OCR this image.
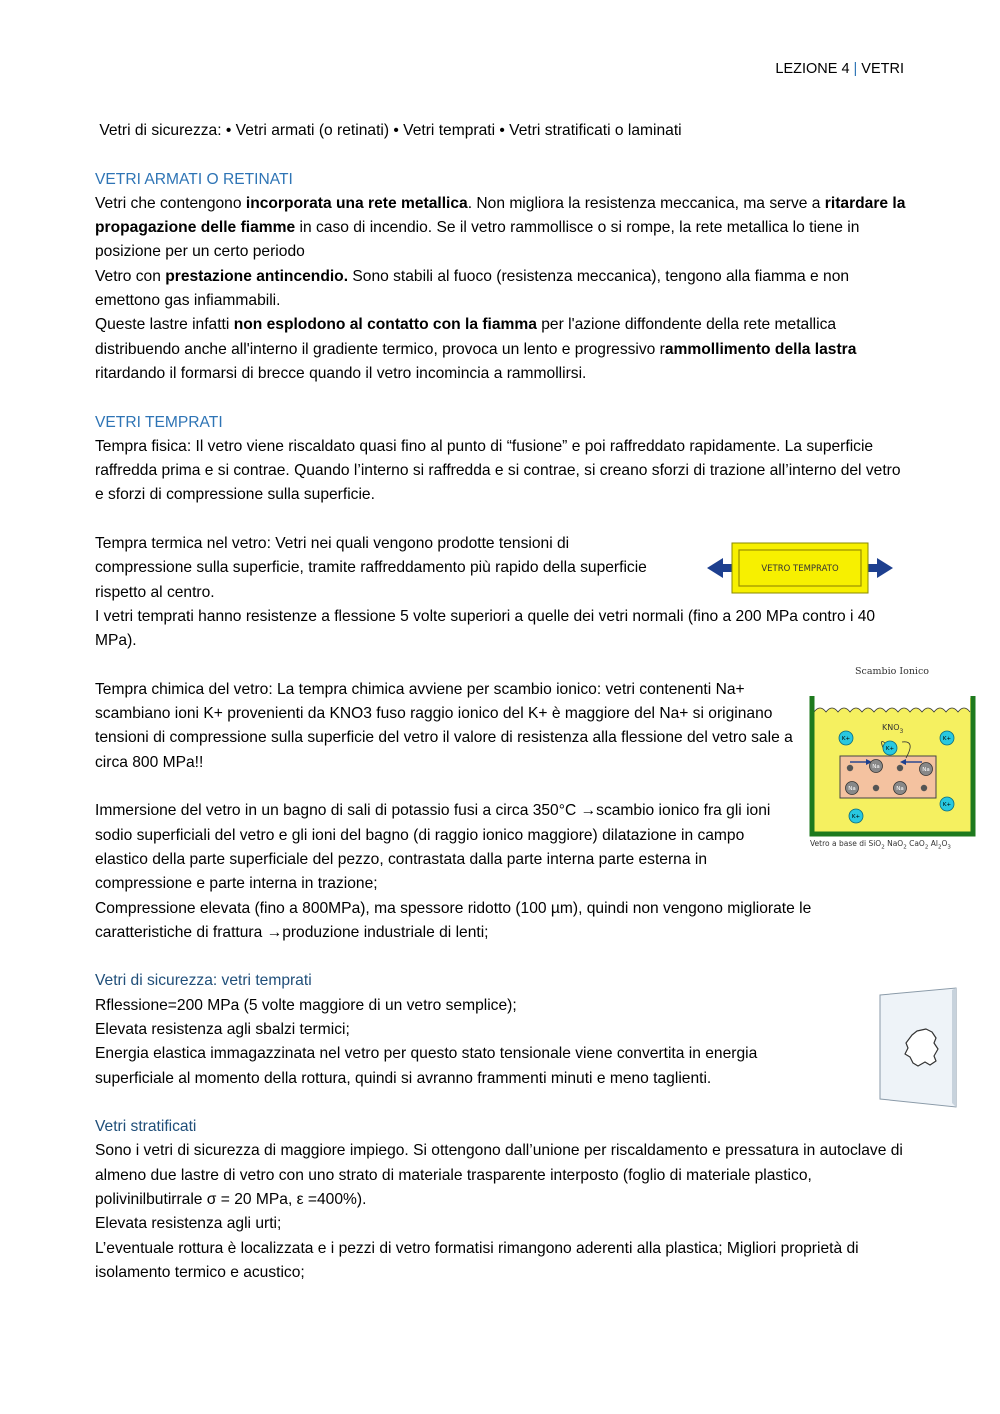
LEZIONE 4 | VETRI

Vetri di sicurezza: • Vetri armati (o retinati) • Vetri temprati • Vetri stratificati o laminati

VETRI ARMATI O RETINATI

Vetri che contengono incorporata una rete metallica. Non migliora la resistenza meccanica, ma serve a ritardare la propagazione delle fiamme in caso di incendio. Se il vetro rammollisce o si rompe, la rete metallica lo tiene in posizione per un certo periodo

Vetro con prestazione antincendio. Sono stabili al fuoco (resistenza meccanica), tengono alla fiamma e non emettono gas infiammabili.

Queste lastre infatti non esplodono al contatto con la fiamma per l'azione diffondente della rete metallica distribuendo anche all'interno il gradiente termico, provoca un lento e progressivo rammollimento della lastra ritardando il formarsi di brecce quando il vetro incomincia a rammollirsi.

VETRI TEMPRATI

Tempra fisica: Il vetro viene riscaldato quasi fino al punto di “fusione” e poi raffreddato rapidamente. La superficie raffredda prima e si contrae. Quando l’interno si raffredda e si contrae, si creano sforzi di trazione all’interno del vetro e sforzi di compressione sulla superficie.

Tempra termica nel vetro: Vetri nei quali vengono prodotte tensioni di compressione sulla superficie, tramite raffreddamento più rapido della superficie rispetto al centro.

I vetri temprati hanno resistenze a flessione 5 volte superiori a quelle dei vetri normali (fino a 200 MPa contro i 40 MPa).

Tempra chimica del vetro: La tempra chimica avviene per scambio ionico: vetri contenenti Na+ scambiano ioni K+ provenienti da KNO3 fuso raggio ionico del K+ è maggiore del Na+ si originano tensioni di compressione sulla superficie del vetro il valore di resistenza alla flessione del vetro sale a circa 800 MPa!!

Immersione del vetro in un bagno di sali di potassio fusi a circa 350°C →scambio ionico fra gli ioni sodio superficiali del vetro e gli ioni del bagno (di raggio ionico maggiore) dilatazione in campo elastico della parte superficiale del pezzo, contrastata dalla parte interna parte esterna in compressione e parte interna in trazione;

Compressione elevata (fino a 800MPa), ma spessore ridotto (100 µm), quindi non vengono migliorate le caratteristiche di frattura →produzione industriale di lenti;

Vetri di sicurezza: vetri temprati

Rflessione=200 MPa (5 volte maggiore di un vetro semplice);

Elevata resistenza agli sbalzi termici;

Energia elastica immagazzinata nel vetro per questo stato tensionale viene convertita in energia superficiale al momento della rottura, quindi si avranno frammenti minuti e meno taglienti.

Vetri stratificati

Sono i vetri di sicurezza di maggiore impiego. Si ottengono dall’unione per riscaldamento e pressatura in autoclave di almeno due lastre di vetro con uno strato di materiale trasparente interposto (foglio di materiale plastico, polivinilbutirrale σ = 20 MPa, ε =400%).

Elevata resistenza agli urti;

L’eventuale rottura è localizzata e i pezzi di vetro formatisi rimangono aderenti alla plastica; Migliori proprietà di isolamento termico e acustico;

VETRO TEMPRATO
Scambio Ionico
$KNO_3$
K+
K+
K+
K+
K+
Na	Na
Na	Na
Vetro a base di SiO$_2$ NaO$_2$ CaO$_2$ $Al_2O_3$
